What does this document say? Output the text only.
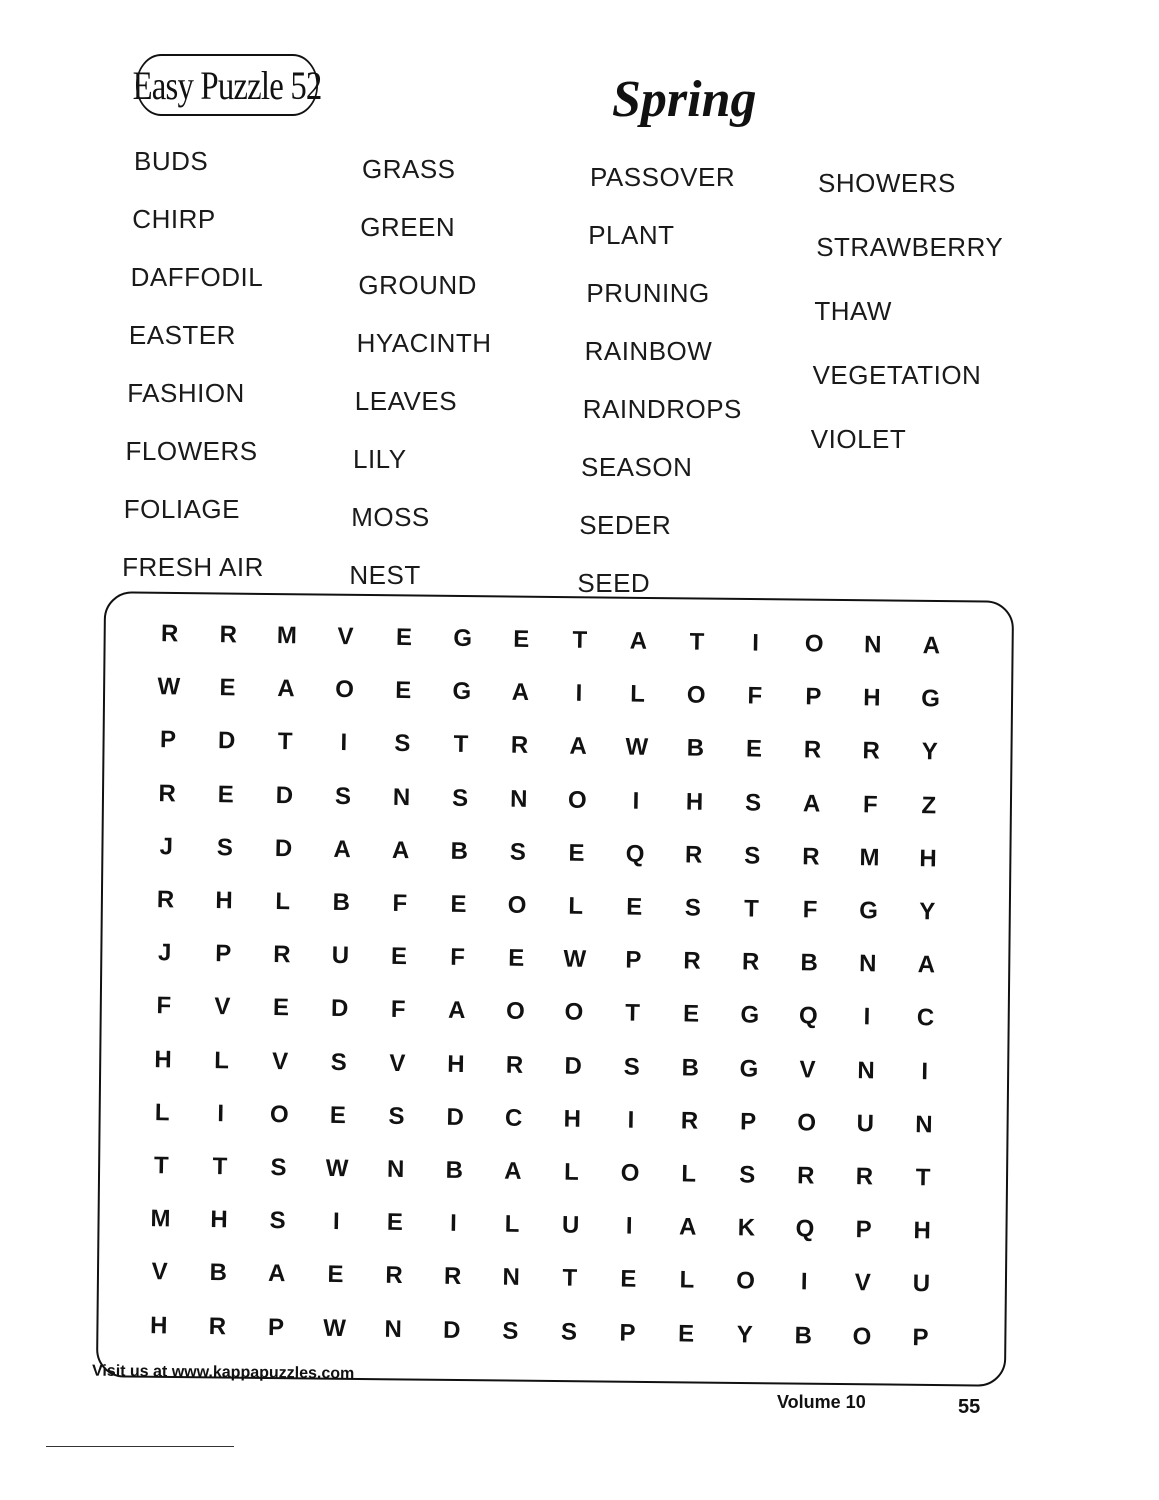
Easy Puzzle 52	Spring
BUDS
CHIRP
DAFFODIL
EASTER
FASHION
FLOWERS
FOLIAGE
FRESH AIR
GRASS
GREEN
GROUND
HYACINTH
LEAVES
LILY
MOSS
NEST
PASSOVER
PLANT
PRUNING
RAINBOW
RAINDROPS
SEASON
SEDER
SEED
SHOWERS
STRAWBERRY
THAW
VEGETATION
VIOLET
R	R	M	V	E	G	E	T	A	T	I	O	N	A
W	E	A	O	E	G	A	I	L	O	F	P	H	G
P	D	T	I	S	T	R	A	W	B	E	R	R	Y
R	E	D	S	N	S	N	O	I	H	S	A	F	Z
J	S	D	A	A	B	S	E	Q	R	S	R	M	H
R	H	L	B	F	E	O	L	E	S	T	F	G	Y
J	P	R	U	E	F	E	W	P	R	R	B	N	A
F	V	E	D	F	A	O	O	T	E	G	Q	I	C
H	L	V	S	V	H	R	D	S	B	G	V	N	I
L	I	O	E	S	D	C	H	I	R	P	O	U	N
T	T	S	W	N	B	A	L	O	L	S	R	R	T
M	H	S	I	E	I	L	U	I	A	K	Q	P	H
V	B	A	E	R	R	N	T	E	L	O	I	V	U
H	R	P	W	N	D	S	S	P	E	Y	B	O	P
Visit us at www.kappapuzzles.com
Volume 10	55
